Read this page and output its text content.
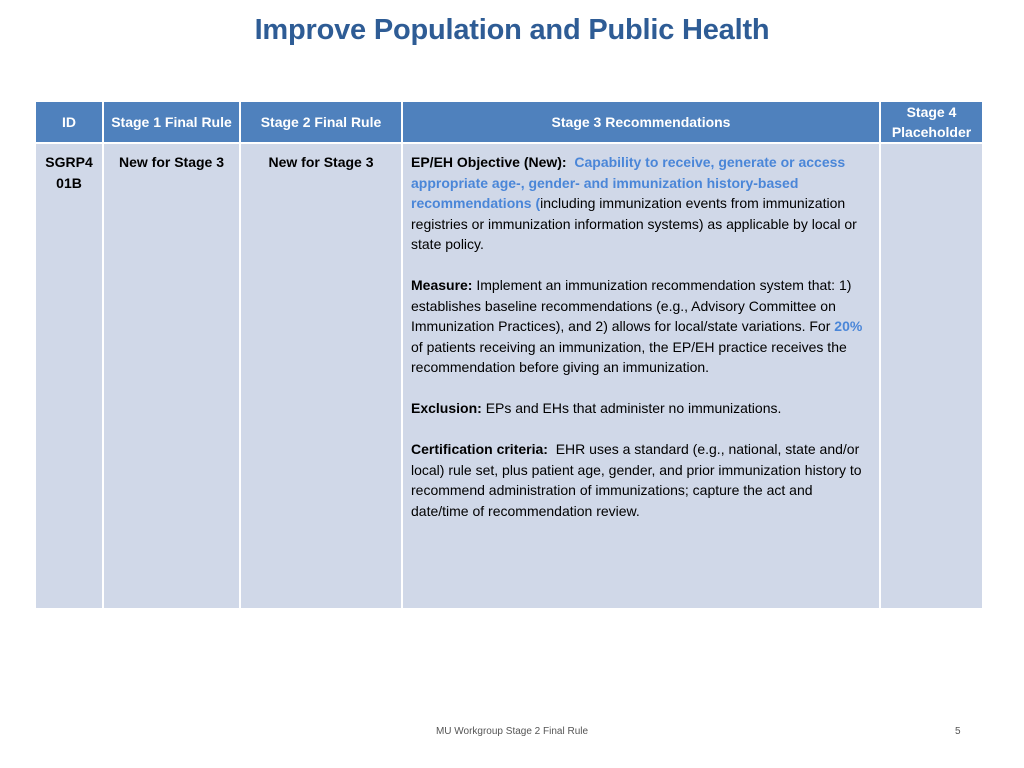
Improve Population and Public Health
ID	Stage 1 Final Rule	Stage 2 Final Rule	Stage 3 Recommendations	Stage 4 Placeholder
SGRP4 01B	New for Stage 3	New for Stage 3	EP/EH Objective (New): Capability to receive, generate or access appropriate age-, gender- and immunization history-based recommendations (including immunization events from immunization registries or immunization information systems) as applicable by local or state policy.

Measure: Implement an immunization recommendation system that: 1) establishes baseline recommendations (e.g., Advisory Committee on Immunization Practices), and 2) allows for local/state variations. For 20% of patients receiving an immunization, the EP/EH practice receives the recommendation before giving an immunization.

Exclusion: EPs and EHs that administer no immunizations.

Certification criteria: EHR uses a standard (e.g., national, state and/or local) rule set, plus patient age, gender, and prior immunization history to recommend administration of immunizations; capture the act and date/time of recommendation review.	

MU Workgroup Stage 2 Final Rule	5
